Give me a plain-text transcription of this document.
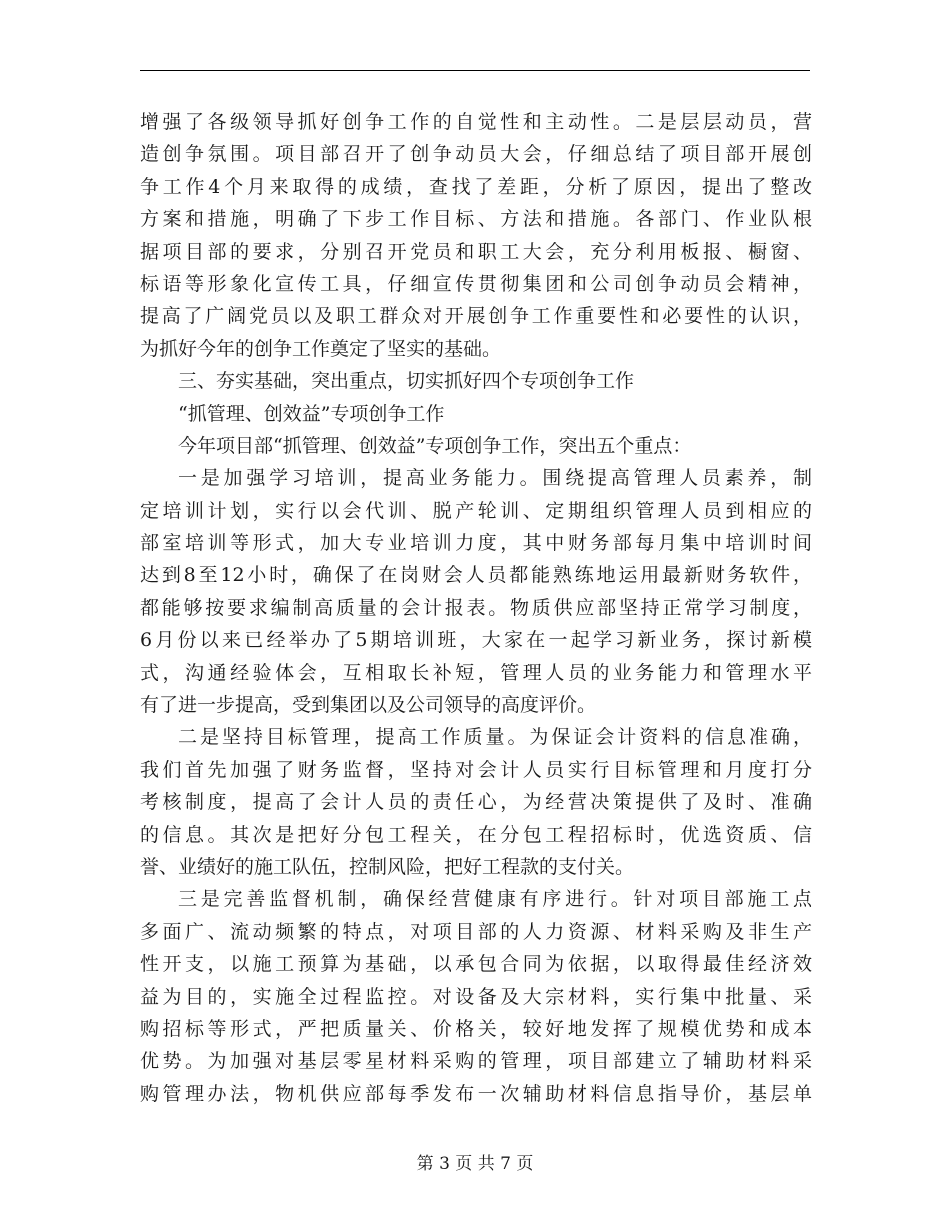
增强了各级领导抓好创争工作的自觉性和主动性。二是层层动员，营
造创争氛围。项目部召开了创争动员大会，仔细总结了项目部开展创
争工作4个月来取得的成绩，查找了差距，分析了原因，提出了整改
方案和措施，明确了下步工作目标、方法和措施。各部门、作业队根
据项目部的要求，分别召开党员和职工大会，充分利用板报、橱窗、
标语等形象化宣传工具，仔细宣传贯彻集团和公司创争动员会精神，
提高了广阔党员以及职工群众对开展创争工作重要性和必要性的认识，
为抓好今年的创争工作奠定了坚实的基础。
三、夯实基础，突出重点，切实抓好四个专项创争工作
“抓管理、创效益”专项创争工作
今年项目部“抓管理、创效益”专项创争工作，突出五个重点：
一是加强学习培训，提高业务能力。围绕提高管理人员素养，制
定培训计划，实行以会代训、脱产轮训、定期组织管理人员到相应的
部室培训等形式，加大专业培训力度，其中财务部每月集中培训时间
达到8至12小时，确保了在岗财会人员都能熟练地运用最新财务软件，
都能够按要求编制高质量的会计报表。物质供应部坚持正常学习制度，
6月份以来已经举办了5期培训班，大家在一起学习新业务，探讨新模
式，沟通经验体会，互相取长补短，管理人员的业务能力和管理水平
有了进一步提高，受到集团以及公司领导的高度评价。
二是坚持目标管理，提高工作质量。为保证会计资料的信息准确，
我们首先加强了财务监督，坚持对会计人员实行目标管理和月度打分
考核制度，提高了会计人员的责任心，为经营决策提供了及时、准确
的信息。其次是把好分包工程关，在分包工程招标时，优选资质、信
誉、业绩好的施工队伍，控制风险，把好工程款的支付关。
三是完善监督机制，确保经营健康有序进行。针对项目部施工点
多面广、流动频繁的特点，对项目部的人力资源、材料采购及非生产
性开支，以施工预算为基础，以承包合同为依据，以取得最佳经济效
益为目的，实施全过程监控。对设备及大宗材料，实行集中批量、采
购招标等形式，严把质量关、价格关，较好地发挥了规模优势和成本
优势。为加强对基层零星材料采购的管理，项目部建立了辅助材料采
购管理办法，物机供应部每季发布一次辅助材料信息指导价，基层单
第 3 页 共 7 页
